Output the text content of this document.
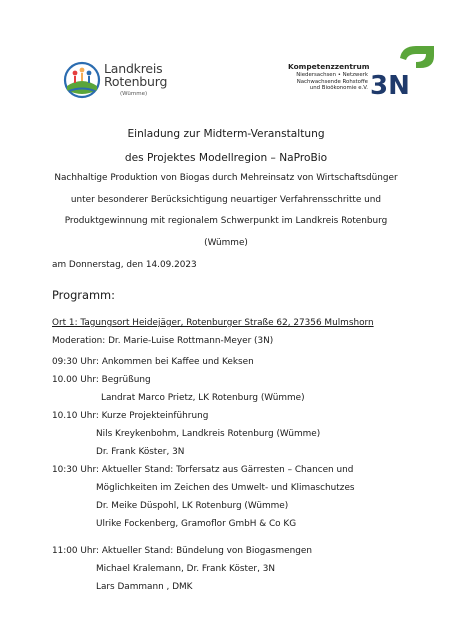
Landkreis
Rotenburg
(Wümme)
Kompetenzzentrum
Niedersachsen • Netzwerk
Nachwachsende Rohstoffe
und Bioökonomie e.V. 3N
Einladung zur Midterm-Veranstaltung
des Projektes Modellregion – NaProBio
Nachhaltige Produktion von Biogas durch Mehreinsatz von Wirtschaftsdünger
unter besonderer Berücksichtigung neuartiger Verfahrensschritte und
Produktgewinnung mit regionalem Schwerpunkt im Landkreis Rotenburg
(Wümme)
am Donnerstag, den 14.09.2023
Programm:
Ort 1: Tagungsort Heidejäger, Rotenburger Straße 62, 27356 Mulmshorn
Moderation: Dr. Marie-Luise Rottmann-Meyer (3N)
09:30 Uhr: Ankommen bei Kaffee und Keksen
10.00 Uhr: Begrüßung
Landrat Marco Prietz, LK Rotenburg (Wümme)
10.10 Uhr: Kurze Projekteinführung
Nils Kreykenbohm, Landkreis Rotenburg (Wümme)
Dr. Frank Köster, 3N
10:30 Uhr: Aktueller Stand: Torfersatz aus Gärresten – Chancen und
Möglichkeiten im Zeichen des Umwelt- und Klimaschutzes
Dr. Meike Düspohl, LK Rotenburg (Wümme)
Ulrike Fockenberg, Gramoflor GmbH & Co KG
11:00 Uhr: Aktueller Stand: Bündelung von Biogasmengen
Michael Kralemann, Dr. Frank Köster, 3N
Lars Dammann , DMK
